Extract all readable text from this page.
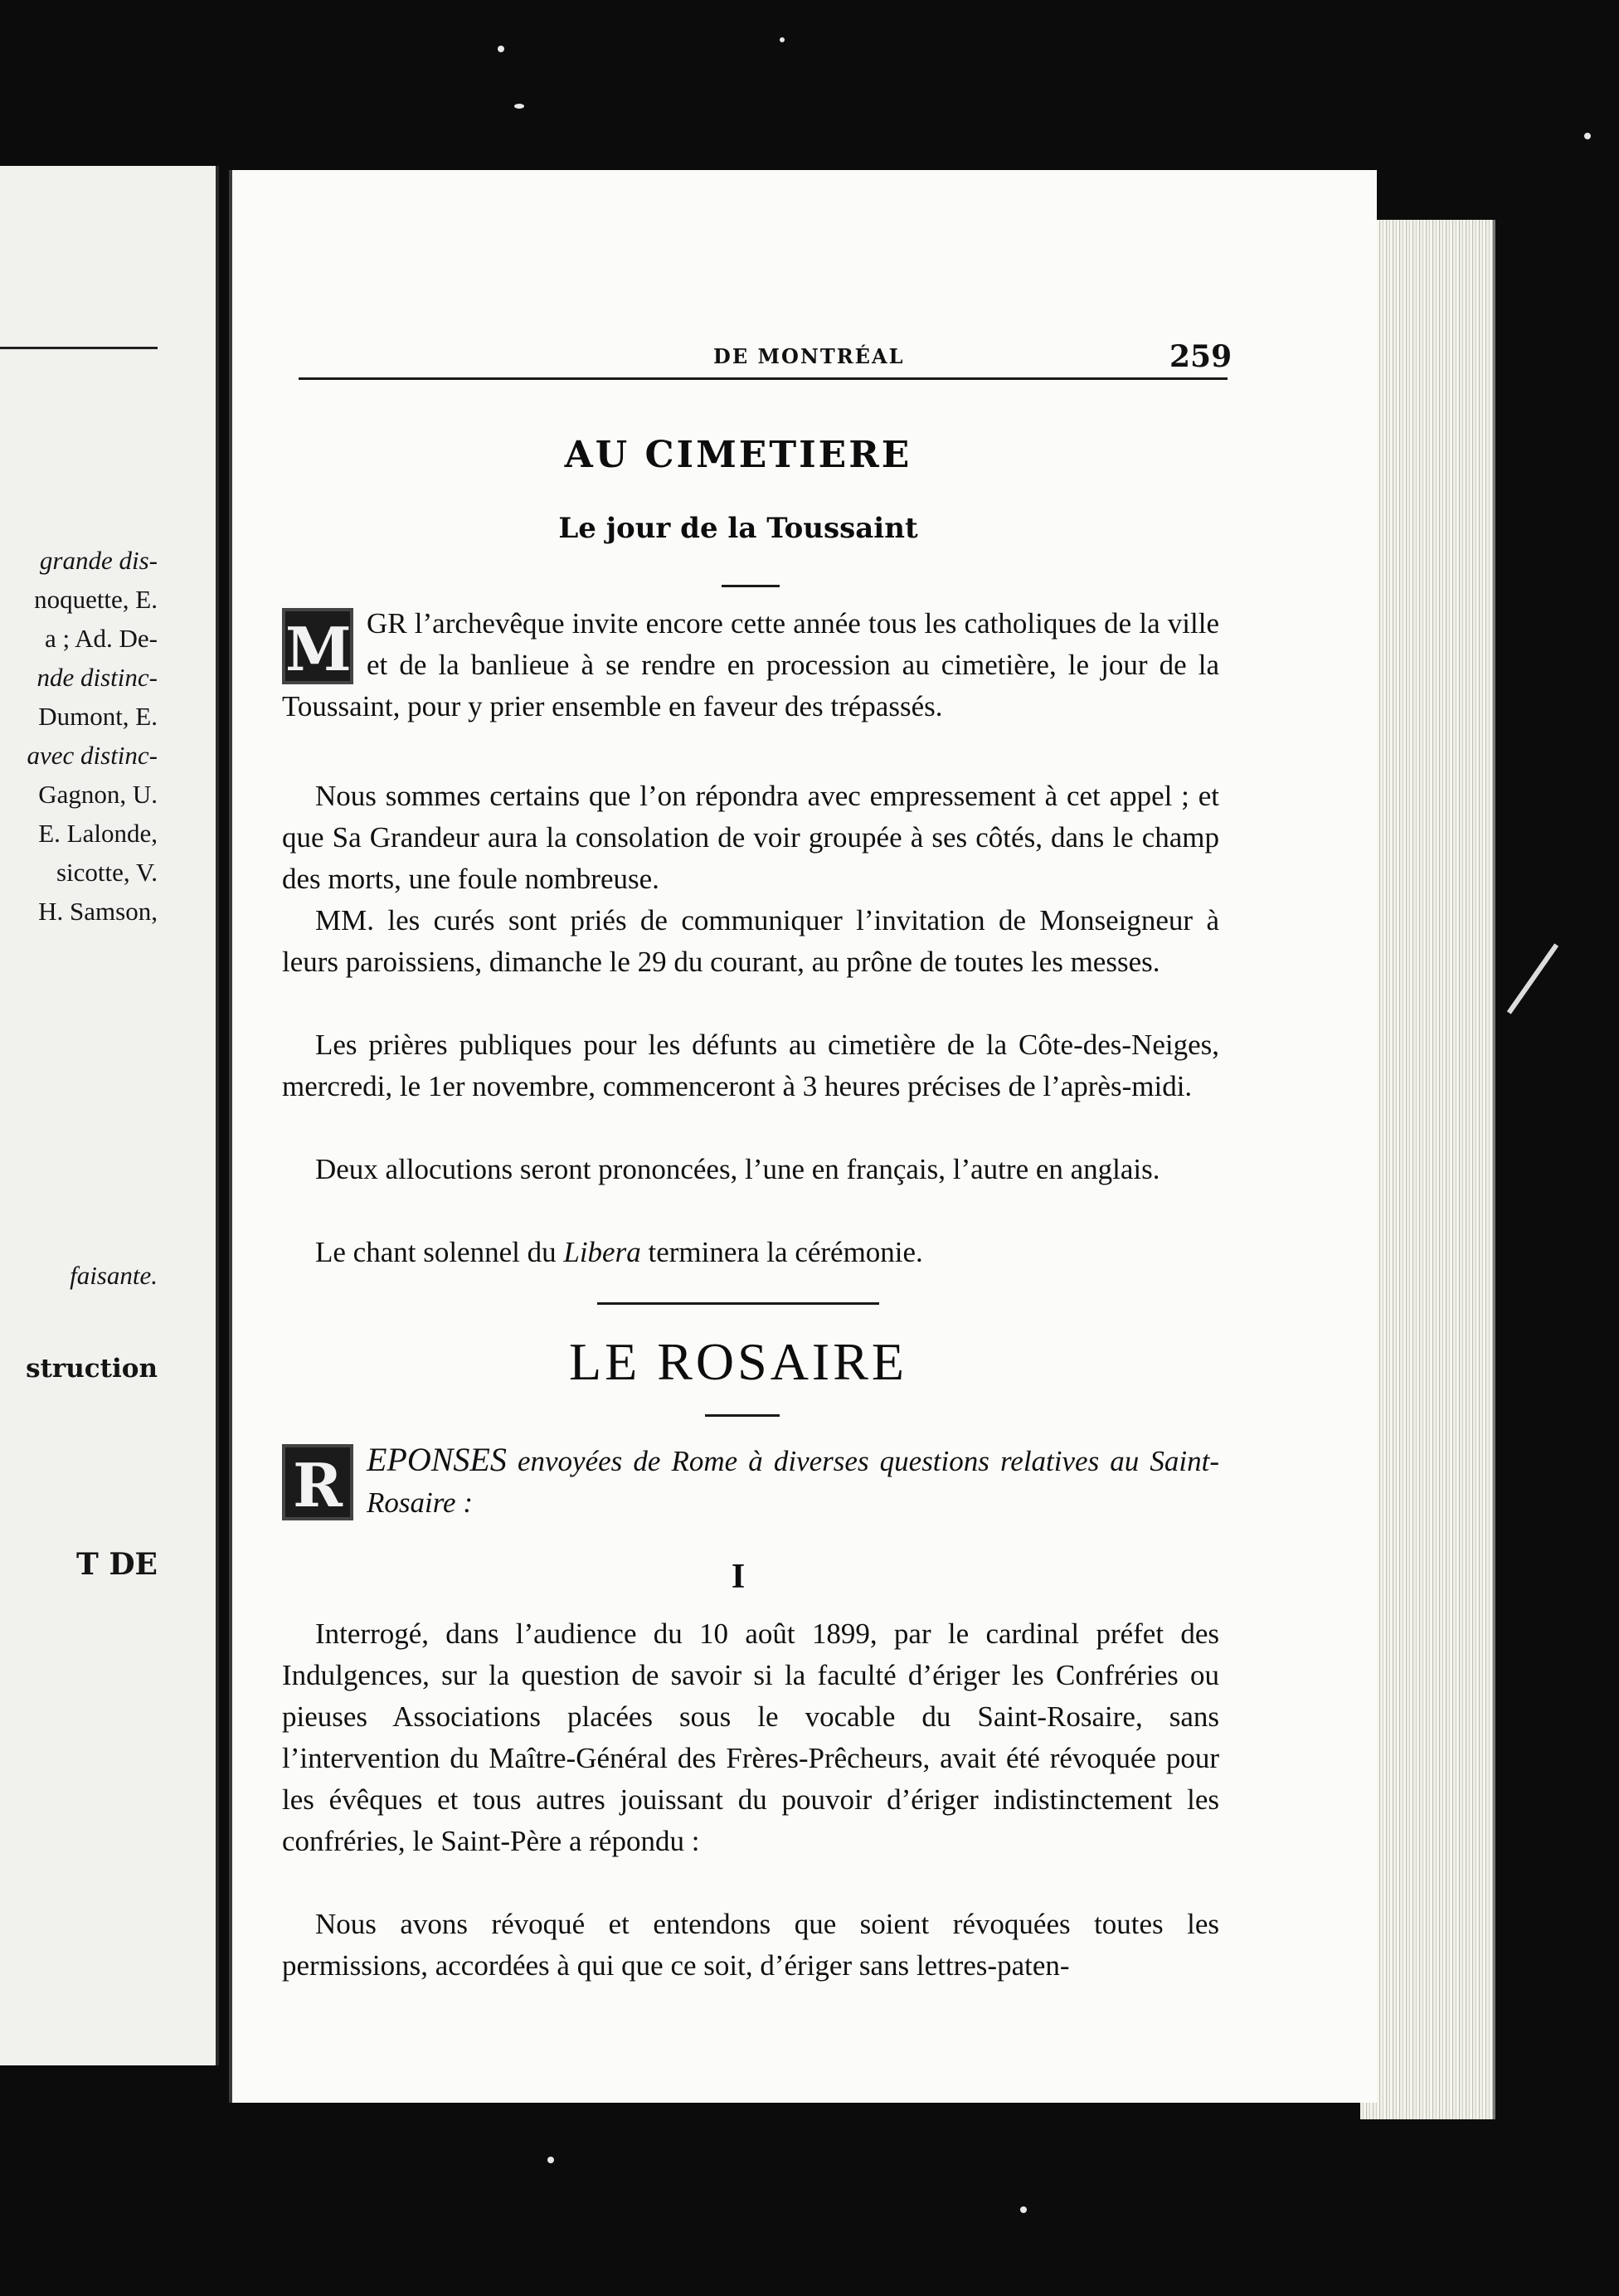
grande dis-
noquette, E.
a ; Ad. De-
nde distinc-
Dumont, E.
avec distinc-
Gagnon, U.
E. Lalonde,
sicotte, V.
H. Samson,
faisante.
struction
T DE
DE MONTRÉAL	259
AU CIMETIERE
Le jour de la Toussaint
M GR l’archevêque invite encore cette année tous les catholiques de la ville et de la banlieue à se rendre en procession au cimetière, le jour de la Toussaint, pour y prier ensemble en faveur des trépassés.

Nous sommes certains que l’on répondra avec empressement à cet appel ; et que Sa Grandeur aura la consolation de voir groupée à ses côtés, dans le champ des morts, une foule nombreuse.

MM. les curés sont priés de communiquer l’invitation de Monseigneur à leurs paroissiens, dimanche le 29 du courant, au prône de toutes les messes.

Les prières publiques pour les défunts au cimetière de la Côte-des-Neiges, mercredi, le 1er novembre, commenceront à 3 heures précises de l’après-midi.

Deux allocutions seront prononcées, l’une en français, l’autre en anglais.

Le chant solennel du Libera terminera la cérémonie.

LE ROSAIRE
R EPONSES envoyées de Rome à diverses questions relatives au Saint-Rosaire :
I

Interrogé, dans l’audience du 10 août 1899, par le cardinal préfet des Indulgences, sur la question de savoir si la faculté d’ériger les Confréries ou pieuses Associations placées sous le vocable du Saint-Rosaire, sans l’intervention du Maître-Général des Frères-Prêcheurs, avait été révoquée pour les évêques et tous autres jouissant du pouvoir d’ériger indistinctement les confréries, le Saint-Père a répondu :

Nous avons révoqué et entendons que soient révoquées toutes les permissions, accordées à qui que ce soit, d’ériger sans lettres-paten-
